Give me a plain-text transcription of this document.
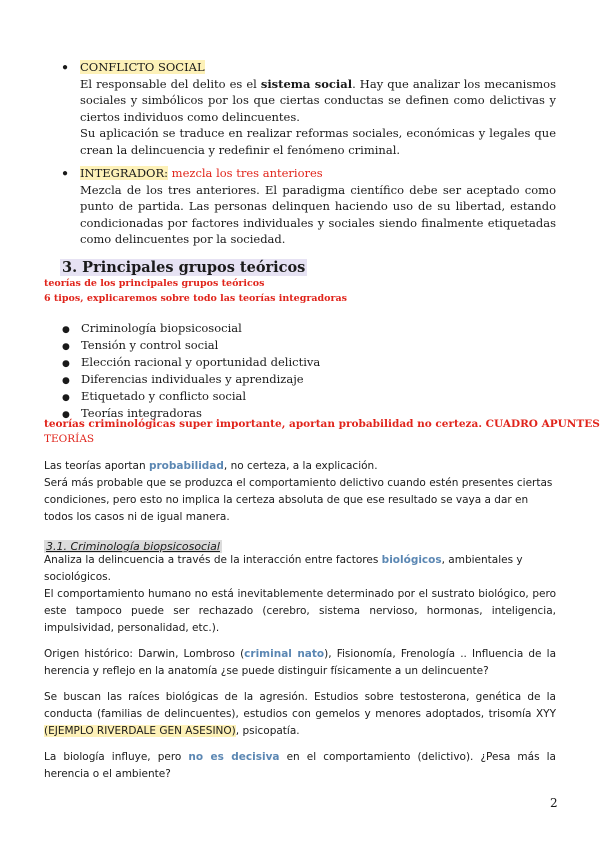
● CONFLICTO SOCIAL

El responsable del delito es el sistema social. Hay que analizar los mecanismos sociales y simbólicos por los que ciertas conductas se definen como delictivas y ciertos individuos como delincuentes.

Su aplicación se traduce en realizar reformas sociales, económicas y legales que crean la delincuencia y redefinir el fenómeno criminal.

● INTEGRADOR: mezcla los tres anteriores

Mezcla de los tres anteriores. El paradigma científico debe ser aceptado como punto de partida. Las personas delinquen haciendo uso de su libertad, estando condicionadas por factores individuales y sociales siendo finalmente etiquetadas como delincuentes por la sociedad.

3. Principales grupos teóricos
teorías de los principales grupos teóricos
6 tipos, explicaremos sobre todo las teorías integradoras
● Criminología biopsicosocial
● Tensión y control social
● Elección racional y oportunidad delictiva
● Diferencias individuales y aprendizaje
● Etiquetado y conflicto social
● Teorías integradoras
teorías criminológicas super importante, aportan probabilidad no certeza. CUADRO APUNTES
TEORÍAS

Las teorías aportan probabilidad, no certeza, a la explicación.

Será más probable que se produzca el comportamiento delictivo cuando estén presentes ciertas condiciones, pero esto no implica la certeza absoluta de que ese resultado se vaya a dar en todos los casos ni de igual manera.

3.1. Criminología biopsicosocial

Analiza la delincuencia a través de la interacción entre factores biológicos, ambientales y sociológicos.

El comportamiento humano no está inevitablemente determinado por el sustrato biológico, pero este tampoco puede ser rechazado (cerebro, sistema nervioso, hormonas, inteligencia, impulsividad, personalidad, etc.).

Origen histórico: Darwin, Lombroso (criminal nato), Fisionomía, Frenología .. Influencia de la herencia y reflejo en la anatomía ¿se puede distinguir físicamente a un delincuente?

Se buscan las raíces biológicas de la agresión. Estudios sobre testosterona, genética de la conducta (familias de delincuentes), estudios con gemelos y menores adoptados, trisomía XYY (EJEMPLO RIVERDALE GEN ASESINO), psicopatía.

La biología influye, pero no es decisiva en el comportamiento (delictivo). ¿Pesa más la herencia o el ambiente?

2
